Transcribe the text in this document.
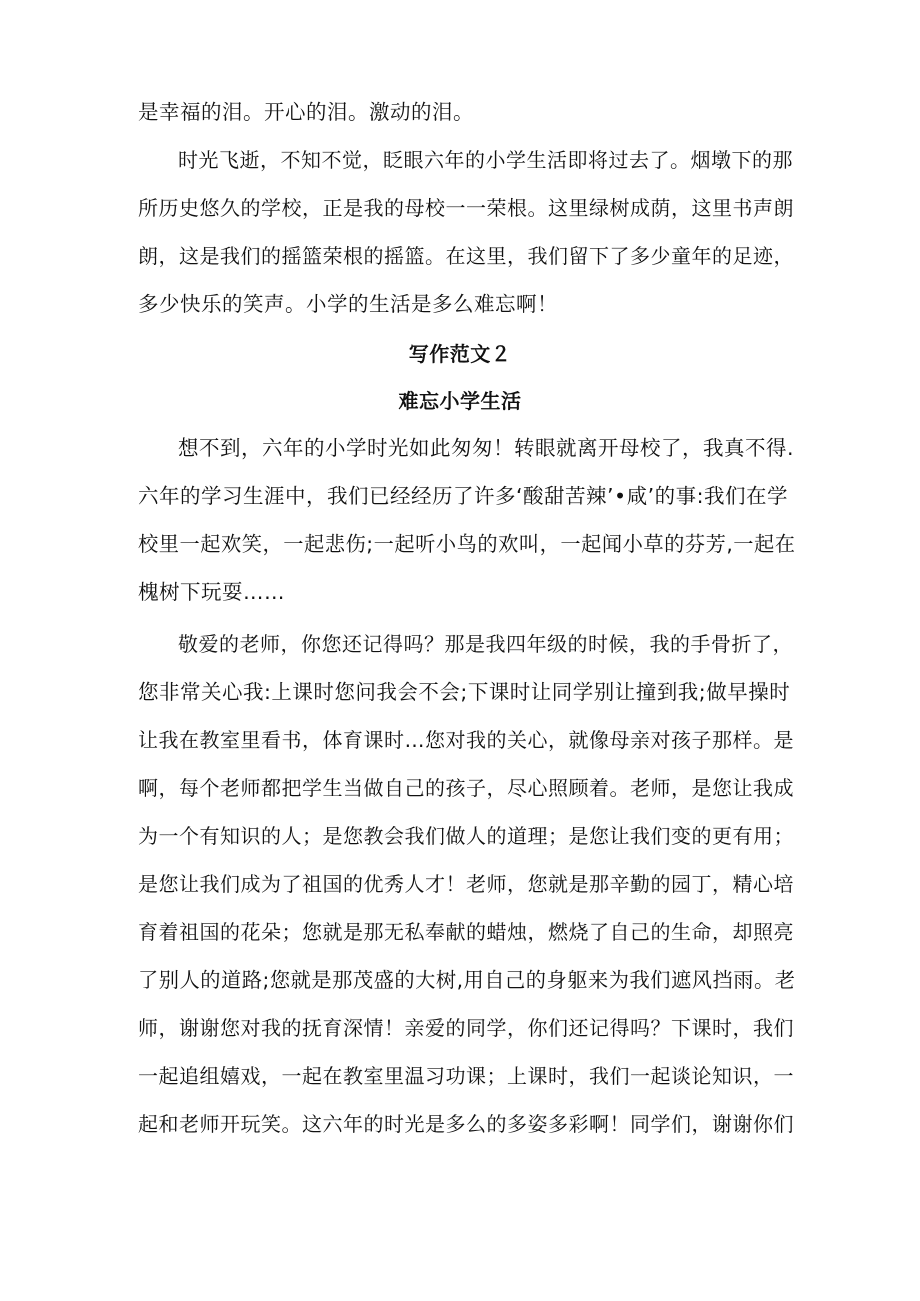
是幸福的泪。开心的泪。激动的泪。
时光飞逝，不知不觉，眨眼六年的小学生活即将过去了。烟墩下的那
所历史悠久的学校，正是我的母校一一荣根。这里绿树成荫，这里书声朗
朗，这是我们的摇篮荣根的摇篮。在这里，我们留下了多少童年的足迹，
多少快乐的笑声。小学的生活是多么难忘啊！
写作范文２
难忘小学生活
想不到，六年的小学时光如此匆匆！转眼就离开母校了，我真不得.
六年的学习生涯中，我们已经经历了许多‘酸甜苦辣’•咸’的事:我们在学
校里一起欢笑，一起悲伤;一起听小鸟的欢叫，一起闻小草的芬芳,一起在
槐树下玩耍……
敬爱的老师，你您还记得吗？那是我四年级的时候，我的手骨折了，
您非常关心我:上课时您问我会不会;下课时让同学别让撞到我;做早操时
让我在教室里看书，体育课时…您对我的关心，就像母亲对孩子那样。是
啊，每个老师都把学生当做自己的孩子，尽心照顾着。老师，是您让我成
为一个有知识的人；是您教会我们做人的道理；是您让我们变的更有用；
是您让我们成为了祖国的优秀人才！老师，您就是那辛勤的园丁，精心培
育着祖国的花朵；您就是那无私奉献的蜡烛，燃烧了自己的生命，却照亮
了别人的道路;您就是那茂盛的大树,用自己的身躯来为我们遮风挡雨。老
师，谢谢您对我的抚育深情！亲爱的同学，你们还记得吗？下课时，我们
一起追组嬉戏，一起在教室里温习功课；上课时，我们一起谈论知识，一
起和老师开玩笑。这六年的时光是多么的多姿多彩啊！同学们，谢谢你们
